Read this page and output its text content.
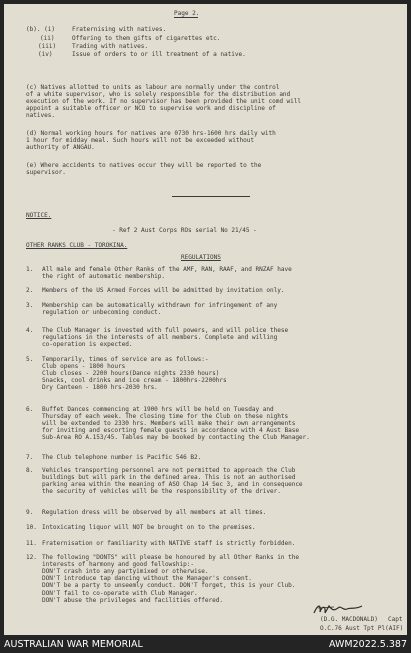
Page 2.
(b). (i)	Fraternising with natives.
(ii)	Offering to them gifts of cigarettes etc.
(iii)	Trading with natives.
(iv)	Issue of orders to or ill treatment of a native.
(c) Natives allotted to units as labour are normally under the control
of a white supervisor, who is solely responsible for the distribution and
execution of the work. If no supervisor has been provided the unit comd will
appoint a suitable officer or NCO to supervise work and discipline of
natives.
(d) Normal working hours for natives are 0730 hrs-1600 hrs daily with
1 hour for midday meal. Such hours will not be exceeded without
authority of ANGAU.
(e) Where accidents to natives occur they will be reported to the
supervisor.
NOTICE.
- Ref 2 Aust Corps ROs serial No 21/45 -
OTHER RANKS CLUB - TOROKINA.
REGULATIONS
1. All male and female Other Ranks of the AMF, RAN, RAAF, and RNZAF have
the right of automatic membership.
2. Members of the US Armed Forces will be admitted by invitation only.
3. Membership can be automatically withdrawn for infringement of any
regulation or unbecoming conduct.
4. The Club Manager is invested with full powers, and will police these
regulations in the interests of all members. Complete and willing
co-operation is expected.
5. Temporarily, times of service are as follows:-
Club opens - 1800 hours
Club closes - 2200 hours(Dance nights 2330 hours)
Snacks, cool drinks and ice cream - 1800hrs-2200hrs
Dry Canteen - 1800 hrs-2030 hrs.
6. Buffet Dances commencing at 1900 hrs will be held on Tuesday and
Thursday of each week. The closing time for the Club on these nights
will be extended to 2330 hrs. Members will make their own arrangements
for inviting and escorting female guests in accordance with 4 Aust Base
Sub-Area RO A.153/45. Tables may be booked by contacting the Club Manager.
7. The Club telephone number is Pacific 546 B2.
8. Vehicles transporting personnel are not permitted to approach the Club
buildings but will park in the defined area. This is not an authorised
parking area within the meaning of ASO Chap 14 Sec 3, and in consequence
the security of vehicles will be the responsibility of the driver.
9. Regulation dress will be observed by all members at all times.
10. Intoxicating liquor will NOT be brought on to the premises.
11. Fraternisation or familiarity with NATIVE staff is strictly forbidden.
12. The following "DONTS" will please be honoured by all Other Ranks in the
interests of harmony and good fellowship:-
DON'T crash into any partyimixed or otherwise.
DON'T introduce tap dancing without the Manager's consent.
DON'T be a party to unseemly conduct. DON'T forget, this is your Club.
DON'T fail to co-operate with Club Manager.
DON'T abuse the privileges and facilities offered.
(D.G. MACDONALD) Capt
O.C.76 Aust Tpt Pl(AIF)
AUSTRALIAN WAR MEMORIAL	AWM2022.5.387
